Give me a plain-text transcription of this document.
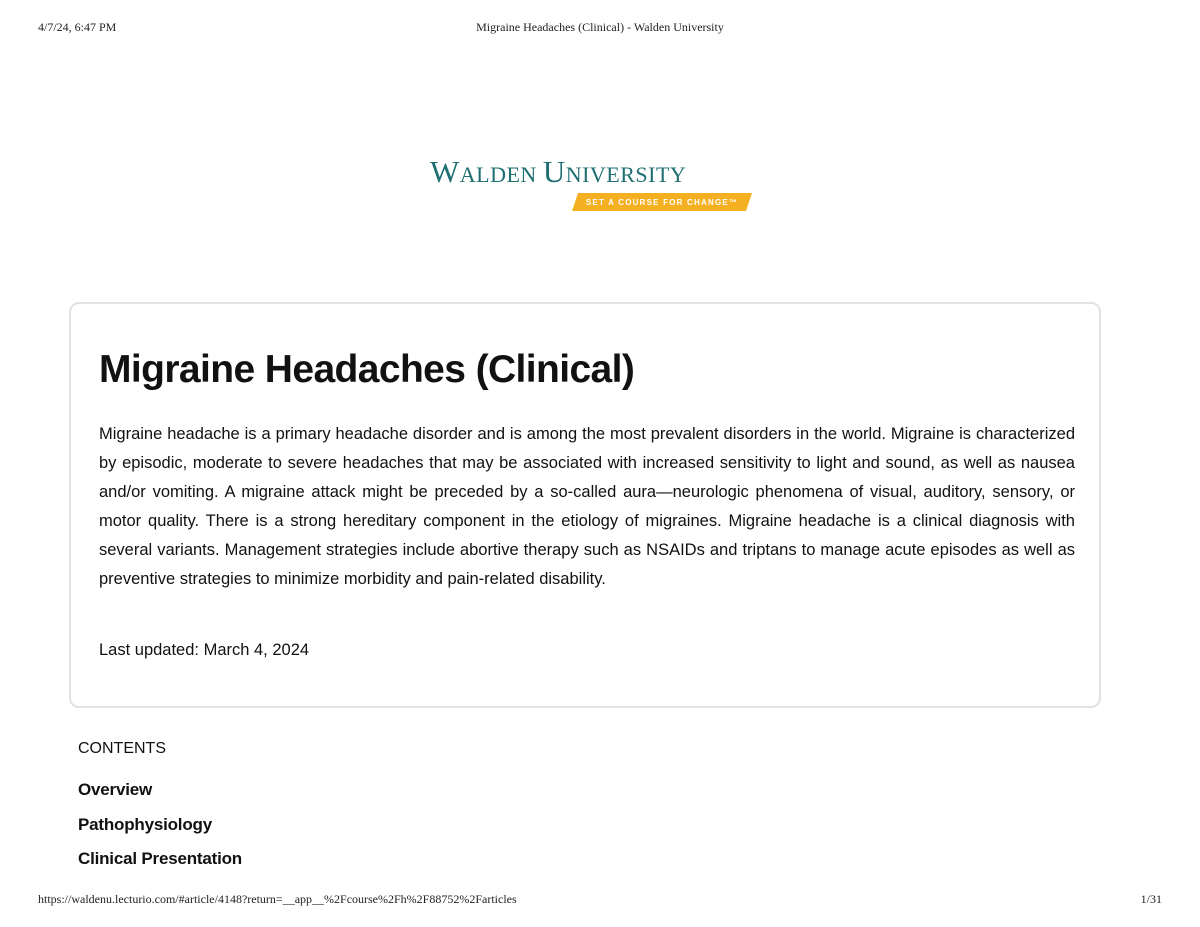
4/7/24, 6:47 PM	Migraine Headaches (Clinical) - Walden University
WALDEN UNIVERSITY
SET A COURSE FOR CHANGE™
Migraine Headaches (Clinical)

Migraine headache is a primary headache disorder and is among the most prevalent disorders in the world. Migraine is characterized by episodic, moderate to severe headaches that may be associated with increased sensitivity to light and sound, as well as nausea and/or vomiting. A migraine attack might be preceded by a so-called aura—neurologic phenomena of visual, auditory, sensory, or motor quality. There is a strong hereditary component in the etiology of migraines. Migraine headache is a clinical diagnosis with several variants. Management strategies include abortive therapy such as NSAIDs and triptans to manage acute episodes as well as preventive strategies to minimize morbidity and pain-related disability.

Last updated: March 4, 2024
CONTENTS
Overview
Pathophysiology
Clinical Presentation
https://waldenu.lecturio.com/#article/4148?return=__app__%2Fcourse%2Fh%2F88752%2Farticles	1/31
